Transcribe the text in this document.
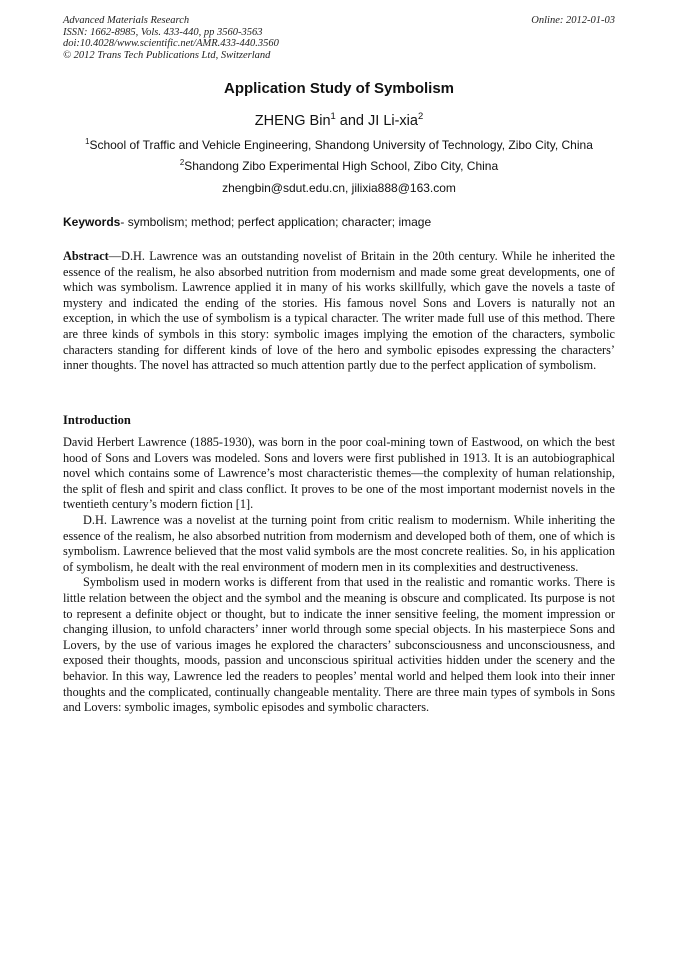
Advanced Materials Research
ISSN: 1662-8985, Vols. 433-440, pp 3560-3563
doi:10.4028/www.scientific.net/AMR.433-440.3560
© 2012 Trans Tech Publications Ltd, Switzerland
Online: 2012-01-03
Application Study of Symbolism
ZHENG Bin$^1$ and JI Li-xia$^2$
$^1$School of Traffic and Vehicle Engineering, Shandong University of Technology, Zibo City, China
$^2$Shandong Zibo Experimental High School, Zibo City, China
zhengbin@sdut.edu.cn, jilixia888@163.com
Keywords- symbolism; method; perfect application; character; image

Abstract—D.H. Lawrence was an outstanding novelist of Britain in the 20th century. While he inherited the essence of the realism, he also absorbed nutrition from modernism and made some great developments, one of which was symbolism. Lawrence applied it in many of his works skillfully, which gave the novels a taste of mystery and indicated the ending of the stories. His famous novel Sons and Lovers is naturally not an exception, in which the use of symbolism is a typical character. The writer made full use of this method. There are three kinds of symbols in this story: symbolic images implying the emotion of the characters, symbolic characters standing for different kinds of love of the hero and symbolic episodes expressing the characters’ inner thoughts. The novel has attracted so much attention partly due to the perfect application of symbolism.

Introduction

David Herbert Lawrence (1885-1930), was born in the poor coal-mining town of Eastwood, on which the best hood of Sons and Lovers was modeled. Sons and lovers were first published in 1913. It is an autobiographical novel which contains some of Lawrence’s most characteristic themes—the complexity of human relationship, the split of flesh and spirit and class conflict. It proves to be one of the most important modernist novels in the twentieth century’s modern fiction [1].

D.H. Lawrence was a novelist at the turning point from critic realism to modernism. While inheriting the essence of the realism, he also absorbed nutrition from modernism and developed both of them, one of which is symbolism. Lawrence believed that the most valid symbols are the most concrete realities. So, in his application of symbolism, he dealt with the real environment of modern men in its complexities and destructiveness.

Symbolism used in modern works is different from that used in the realistic and romantic works. There is little relation between the object and the symbol and the meaning is obscure and complicated. Its purpose is not to represent a definite object or thought, but to indicate the inner sensitive feeling, the moment impression or changing illusion, to unfold characters’ inner world through some special objects. In his masterpiece Sons and Lovers, by the use of various images he explored the characters’ subconsciousness and unconsciousness, and exposed their thoughts, moods, passion and unconscious spiritual activities hidden under the scenery and the behavior. In this way, Lawrence led the readers to peoples’ mental world and helped them look into their inner thoughts and the complicated, continually changeable mentality. There are three main types of symbols in Sons and Lovers: symbolic images, symbolic episodes and symbolic characters.
